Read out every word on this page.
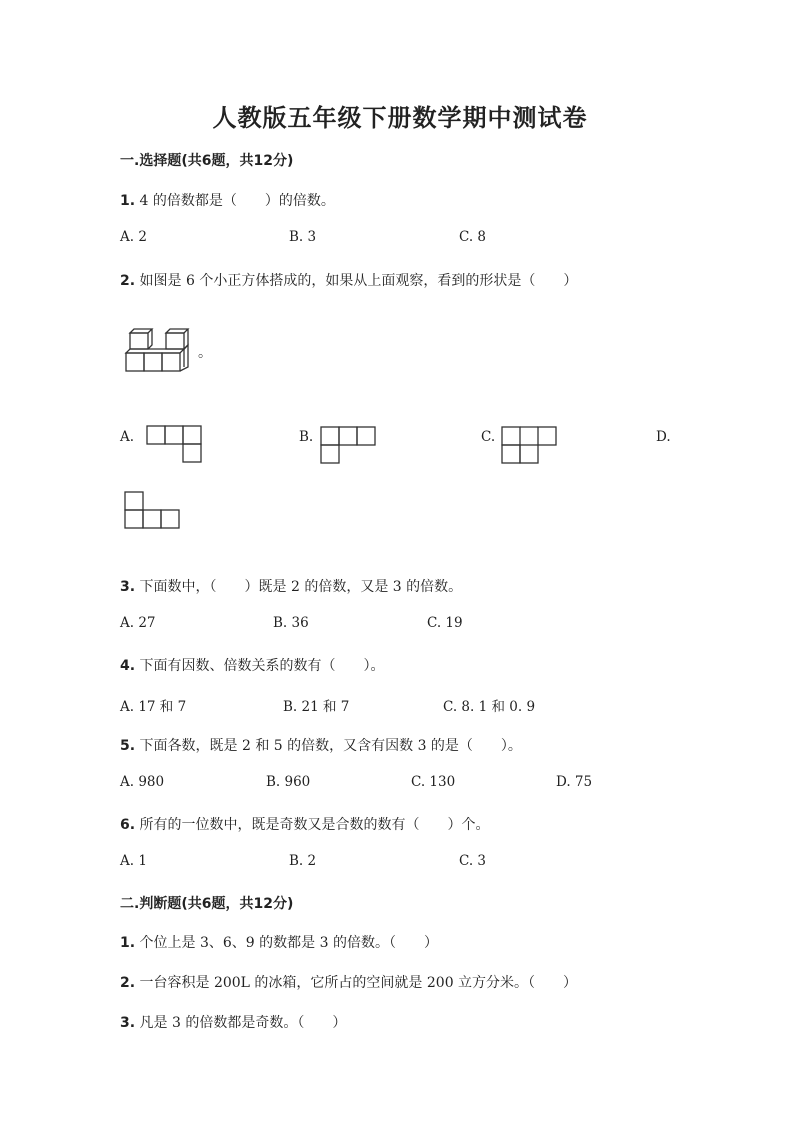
人教版五年级下册数学期中测试卷
一.选择题(共6题，共12分)
1. 4 的倍数都是（　　）的倍数。
A. 2	B. 3	C. 8
2. 如图是 6 个小正方体搭成的，如果从上面观察，看到的形状是（　　）
。
A.	B.	C.	D.
3. 下面数中，（　　）既是 2 的倍数，又是 3 的倍数。
A. 27	B. 36	C. 19
4. 下面有因数、倍数关系的数有（　　）。
A. 17 和 7	B. 21 和 7	C. 8. 1 和 0. 9
5. 下面各数，既是 2 和 5 的倍数，又含有因数 3 的是（　　）。
A. 980	B. 960	C. 130	D. 75
6. 所有的一位数中，既是奇数又是合数的数有（　　）个。
A. 1	B. 2	C. 3
二.判断题(共6题，共12分)
1. 个位上是 3、6、9 的数都是 3 的倍数。（　　）
2. 一台容积是 200L 的冰箱，它所占的空间就是 200 立方分米。（　　）
3. 凡是 3 的倍数都是奇数。（　　）
